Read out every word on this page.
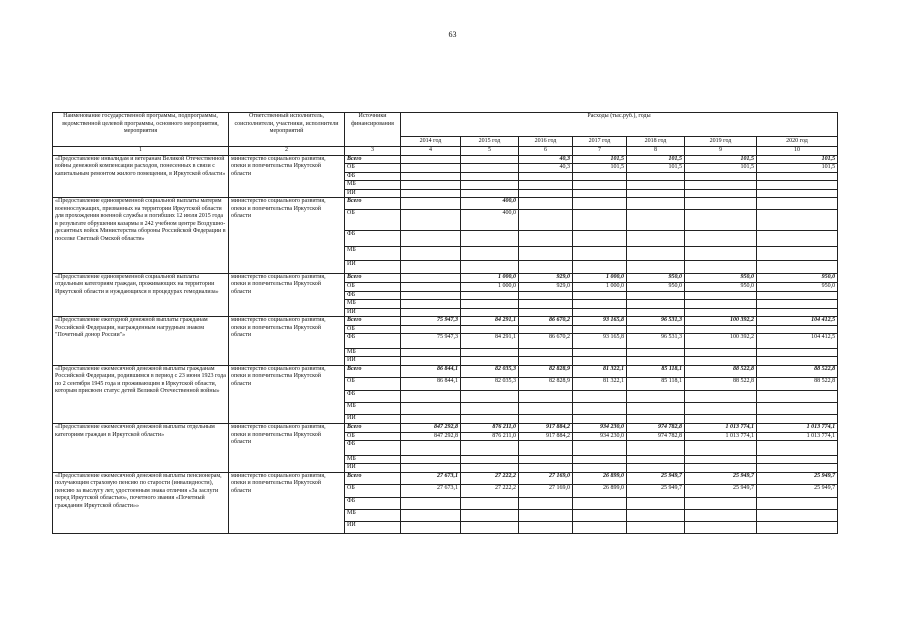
63
Наименование государственной программы, подпрограммы, ведомственной целевой программы, основного мероприятия, мероприятия	Ответственный исполнитель, соисполнители, участники, исполнители мероприятий	Источники финансирования	Расходы (тыс.руб.), годы						
			2014 год	2015 год	2016 год	2017 год	2018 год	2019 год	2020 год
1	2	3	4	5	6	7	8	9	10
«Предоставление инвалидам и ветеранам Великой Отечественной войны денежной компенсации расходов, понесенных в связи с капитальным ремонтом жилого помещения, в Иркутской области»	министерство социального развития, опеки и попечительства Иркутской области	Всего			40,3	101,5	101,5	101,5	101,5
		ОБ			40,3	101,5	101,5	101,5	101,5
		ФБ							
		МБ							
		ИИ							
«Предоставление единовременной социальной выплаты матерям военнослужащих, призванных на территории Иркутской области для прохождения военной службы и погибших 12 июля 2015 года в результате обрушения казармы в 242 учебном центре Воздушно-десантных войск Министерства обороны Российской Федерации в поселке Светлый Омской области»	министерство социального развития, опеки и попечительства Иркутской области	Всего		400,0					
		ОБ		400,0					
		ФБ							
		МБ							
		ИИ							
«Предоставление единовременной социальной выплаты отдельным категориям граждан, проживающих на территории Иркутской области и нуждающихся в процедурах гемодиализа»	министерство социального развития, опеки и попечительства Иркутской области	Всего		1 000,0	929,0	1 000,0	950,0	950,0	950,0
		ОБ		1 000,0	929,0	1 000,0	950,0	950,0	950,0
		ФБ							
		МБ							
		ИИ							
«Предоставление ежегодной денежной выплаты гражданам Российской Федерации, награжденным нагрудным знаком "Почетный донор России"»	министерство социального развития, опеки и попечительства Иркутской области	Всего	75 947,3	84 291,1	86 670,2	93 165,8	96 531,3	100 392,2	104 412,5
		ОБ							
		ФБ	75 947,3	84 291,1	86 670,2	93 165,8	96 531,3	100 392,2	104 412,5
		МБ							
		ИИ							
«Предоставление ежемесячной денежной выплаты гражданам Российской Федерации, родившимся в период с 23 июня 1923 года по 2 сентября 1945 года и проживающим в Иркутской области, которым присвоен статус детей Великой Отечественной войны»	министерство социального развития, опеки и попечительства Иркутской области	Всего	86 844,1	82 035,3	82 828,9	81 322,1	85 118,1	88 522,8	88 522,8
		ОБ	86 844,1	82 035,3	82 828,9	81 322,1	85 118,1	88 522,8	88 522,8
		ФБ							
		МБ							
		ИИ							
«Предоставление ежемесячной денежной выплаты отдельным категориям граждан в Иркутской области»	министерство социального развития, опеки и попечительства Иркутской области	Всего	847 292,8	876 211,0	917 884,2	934 230,0	974 782,8	1 013 774,1	1 013 774,1
		ОБ	847 292,8	876 211,0	917 884,2	934 230,0	974 782,8	1 013 774,1	1 013 774,1
		ФБ							
		МБ							
		ИИ							
«Предоставление ежемесячной денежной выплаты пенсионерам, получающим страховую пенсию по старости (инвалидности), пенсию за выслугу лет, удостоенным знака отличия «За заслуги перед Иркутской областью», почетного звания «Почетный гражданин Иркутской области»»	министерство социального развития, опеки и попечительства Иркутской области	Всего	27 673,1	27 222,2	27 169,0	26 899,0	25 949,7	25 949,7	25 949,7
		ОБ	27 673,1	27 222,2	27 169,0	26 899,0	25 949,7	25 949,7	25 949,7
		ФБ							
		МБ							
		ИИ							
